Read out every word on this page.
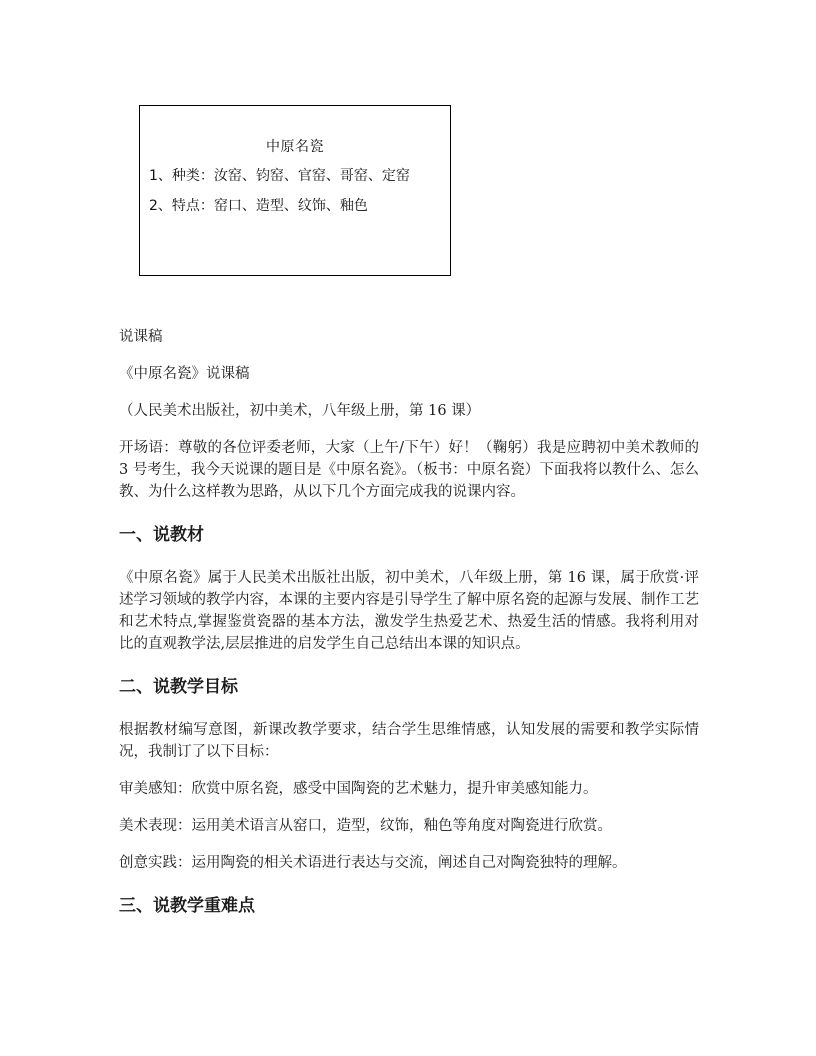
中原名瓷
1、种类：汝窑、钧窑、官窑、哥窑、定窑
2、特点：窑口、造型、纹饰、釉色

说课稿

《中原名瓷》说课稿

（人民美术出版社，初中美术，八年级上册，第 16 课）

开场语：尊敬的各位评委老师，大家（上午/下午）好！（鞠躬）我是应聘初中美术教师的 3 号考生，我今天说课的题目是《中原名瓷》。（板书：中原名瓷）下面我将以教什么、怎么教、为什么这样教为思路，从以下几个方面完成我的说课内容。

一、说教材

《中原名瓷》属于人民美术出版社出版，初中美术，八年级上册，第 16 课，属于欣赏·评述学习领域的教学内容，本课的主要内容是引导学生了解中原名瓷的起源与发展、制作工艺和艺术特点,掌握鉴赏瓷器的基本方法，激发学生热爱艺术、热爱生活的情感。我将利用对比的直观教学法,层层推进的启发学生自己总结出本课的知识点。

二、说教学目标

根据教材编写意图，新课改教学要求，结合学生思维情感，认知发展的需要和教学实际情况，我制订了以下目标：

审美感知：欣赏中原名瓷，感受中国陶瓷的艺术魅力，提升审美感知能力。

美术表现：运用美术语言从窑口，造型，纹饰，釉色等角度对陶瓷进行欣赏。

创意实践：运用陶瓷的相关术语进行表达与交流，阐述自己对陶瓷独特的理解。

三、说教学重难点
